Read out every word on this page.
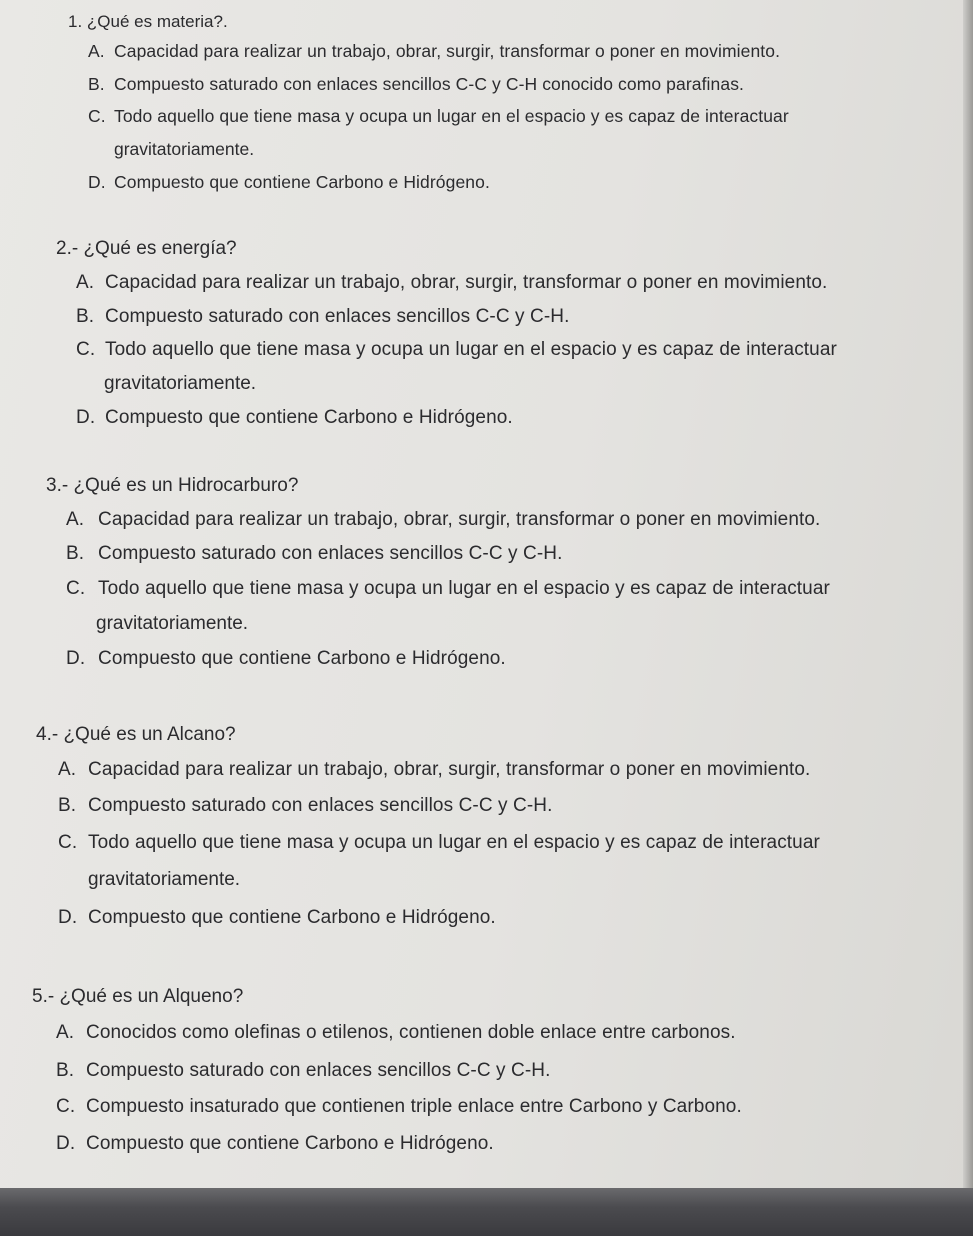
1. ¿Qué es materia?.
A. Capacidad para realizar un trabajo, obrar, surgir, transformar o poner en movimiento.
B. Compuesto saturado con enlaces sencillos C-C y C-H conocido como parafinas.
C. Todo aquello que tiene masa y ocupa un lugar en el espacio y es capaz de interactuar
gravitatoriamente.
D. Compuesto que contiene Carbono e Hidrógeno.
2.- ¿Qué es energía?
A. Capacidad para realizar un trabajo, obrar, surgir, transformar o poner en movimiento.
B. Compuesto saturado con enlaces sencillos C-C y C-H.
C. Todo aquello que tiene masa y ocupa un lugar en el espacio y es capaz de interactuar
gravitatoriamente.
D. Compuesto que contiene Carbono e Hidrógeno.
3.- ¿Qué es un Hidrocarburo?
A. Capacidad para realizar un trabajo, obrar, surgir, transformar o poner en movimiento.
B. Compuesto saturado con enlaces sencillos C-C y C-H.
C. Todo aquello que tiene masa y ocupa un lugar en el espacio y es capaz de interactuar
gravitatoriamente.
D. Compuesto que contiene Carbono e Hidrógeno.
4.- ¿Qué es un Alcano?
A. Capacidad para realizar un trabajo, obrar, surgir, transformar o poner en movimiento.
B. Compuesto saturado con enlaces sencillos C-C y C-H.
C. Todo aquello que tiene masa y ocupa un lugar en el espacio y es capaz de interactuar
gravitatoriamente.
D. Compuesto que contiene Carbono e Hidrógeno.
5.- ¿Qué es un Alqueno?
A. Conocidos como olefinas o etilenos, contienen doble enlace entre carbonos.
B. Compuesto saturado con enlaces sencillos C-C y C-H.
C. Compuesto insaturado que contienen triple enlace entre Carbono y Carbono.
D. Compuesto que contiene Carbono e Hidrógeno.
